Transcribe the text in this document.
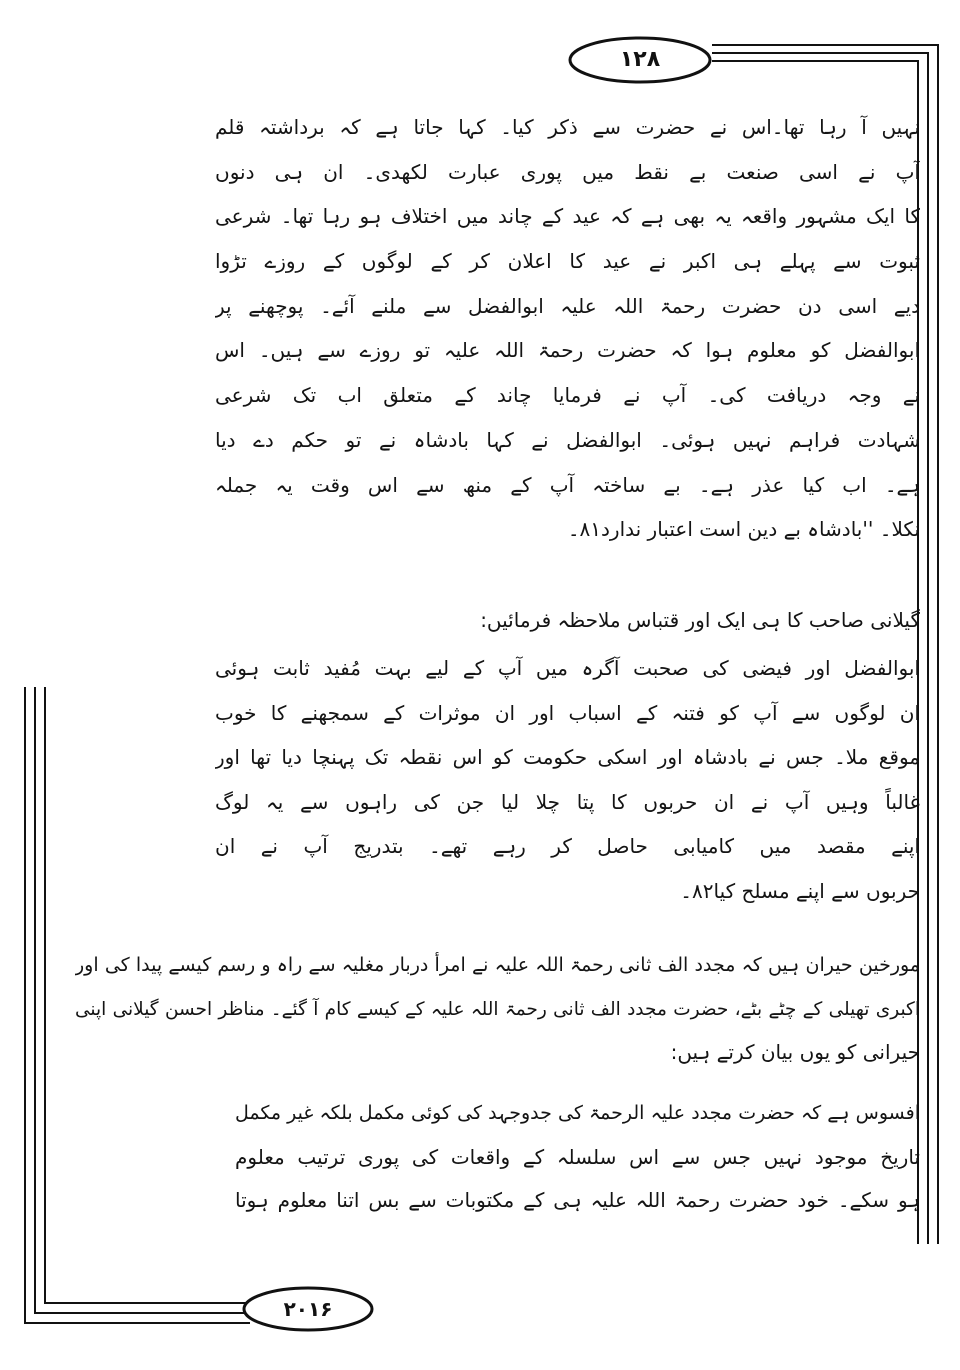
۱۲۸
۲۰۱۶
نہیں آ رہا تھا۔اس نے حضرت سے ذکر کیا۔ کہا جاتا ہے کہ برداشتہ قلم
آپ نے اسی صنعت بے نقط میں پوری عبارت لکھدی۔ ان ہی دنوں
کا ایک مشہور واقعہ یہ بھی ہے کہ عید کے چاند میں اختلاف ہو رہا تھا۔ شرعی
ثبوت سے پہلے ہی اکبر نے عید کا اعلان کر کے لوگوں کے روزے تڑوا
دیے اسی دن حضرت رحمۃ اللہ علیہ ابوالفضل سے ملنے آئے۔ پوچھنے پر
ابوالفضل کو معلوم ہوا کہ حضرت رحمۃ اللہ علیہ تو روزے سے ہیں۔ اس
نے وجہ دریافت کی۔ آپ نے فرمایا چاند کے متعلق اب تک شرعی
شہادت فراہم نہیں ہوئی۔ ابوالفضل نے کہا بادشاہ نے تو حکم دے دیا
ہے۔ اب کیا عذر ہے۔ بے ساختہ آپ کے منھ سے اس وقت یہ جملہ
نکلا۔ ''بادشاہ بے دین است اعتبار ندارد۸۱۔
گیلانی صاحب کا ہی ایک اور قتباس ملاحظہ فرمائیں:
ابوالفضل اور فیضی کی صحبت آگرہ میں آپ کے لیے بہت مُفید ثابت ہوئی
ان لوگوں سے آپ کو فتنہ کے اسباب اور ان موثرات کے سمجھنے کا خوب
موقع ملا۔ جس نے بادشاہ اور اسکی حکومت کو اس نقطہ تک پہنچا دیا تھا اور
غالباً وہیں آپ نے ان حربوں کا پتا چلا لیا جن کی راہوں سے یہ لوگ
اپنے مقصد میں کامیابی حاصل کر رہے تھے۔ بتدریج آپ نے ان
حربوں سے اپنے مسلح کیا۸۲۔
مورخین حیران ہیں کہ مجدد الف ثانی رحمۃ اللہ علیہ نے امرأ دربار مغلیہ سے راہ و رسم کیسے پیدا کی اور
اکبری تھیلی کے چٹے بٹے، حضرت مجدد الف ثانی رحمۃ اللہ علیہ کے کیسے کام آ گئے۔ مناظر احسن گیلانی اپنی
حیرانی کو یوں بیان کرتے ہیں:
افسوس ہے کہ حضرت مجدد علیہ الرحمۃ کی جدوجہد کی کوئی مکمل بلکہ غیر مکمل
تاریخ موجود نہیں جس سے اس سلسلہ کے واقعات کی پوری ترتیب معلوم
ہو سکے۔ خود حضرت رحمۃ اللہ علیہ ہی کے مکتوبات سے بس اتنا معلوم ہوتا
